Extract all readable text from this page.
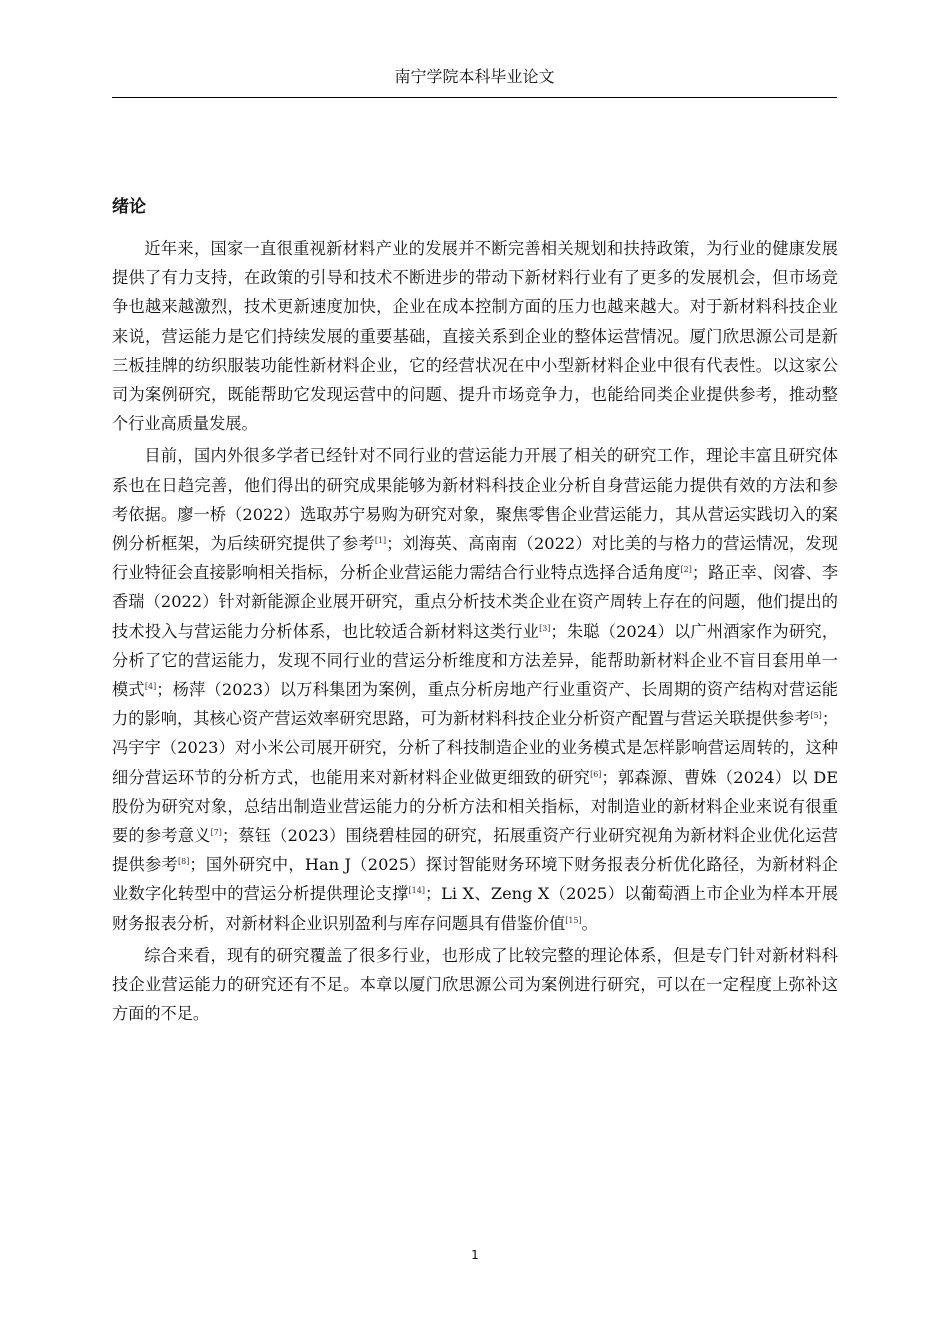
南宁学院本科毕业论文
绪论

近年来，国家一直很重视新材料产业的发展并不断完善相关规划和扶持政策，为行业的健康发展提供了有力支持，在政策的引导和技术不断进步的带动下新材料行业有了更多的发展机会，但市场竞争也越来越激烈，技术更新速度加快，企业在成本控制方面的压力也越来越大。对于新材料科技企业来说，营运能力是它们持续发展的重要基础，直接关系到企业的整体运营情况。厦门欣思源公司是新三板挂牌的纺织服装功能性新材料企业，它的经营状况在中小型新材料企业中很有代表性。以这家公司为案例研究，既能帮助它发现运营中的问题、提升市场竞争力，也能给同类企业提供参考，推动整个行业高质量发展。

目前，国内外很多学者已经针对不同行业的营运能力开展了相关的研究工作，理论丰富且研究体系也在日趋完善，他们得出的研究成果能够为新材料科技企业分析自身营运能力提供有效的方法和参考依据。廖一桥（2022）选取苏宁易购为研究对象，聚焦零售企业营运能力，其从营运实践切入的案例分析框架，为后续研究提供了参考[1]；刘海英、高南南（2022）对比美的与格力的营运情况，发现行业特征会直接影响相关指标，分析企业营运能力需结合行业特点选择合适角度[2]；路正幸、闵睿、李香瑞（2022）针对新能源企业展开研究，重点分析技术类企业在资产周转上存在的问题，他们提出的技术投入与营运能力分析体系，也比较适合新材料这类行业[3]；朱聪（2024）以广州酒家作为研究，分析了它的营运能力，发现不同行业的营运分析维度和方法差异，能帮助新材料企业不盲目套用单一模式[4]；杨萍（2023）以万科集团为案例，重点分析房地产行业重资产、长周期的资产结构对营运能力的影响，其核心资产营运效率研究思路，可为新材料科技企业分析资产配置与营运关联提供参考[5]；冯宇宇（2023）对小米公司展开研究，分析了科技制造企业的业务模式是怎样影响营运周转的，这种细分营运环节的分析方式，也能用来对新材料企业做更细致的研究[6]；郭森源、曹姝（2024）以 DE 股份为研究对象，总结出制造业营运能力的分析方法和相关指标，对制造业的新材料企业来说有很重要的参考意义[7]；蔡钰（2023）围绕碧桂园的研究，拓展重资产行业研究视角为新材料企业优化运营提供参考[8]；国外研究中，Han J（2025）探讨智能财务环境下财务报表分析优化路径，为新材料企业数字化转型中的营运分析提供理论支撑[14]；Li X、Zeng X（2025）以葡萄酒上市企业为样本开展财务报表分析，对新材料企业识别盈利与库存问题具有借鉴价值[15]。

综合来看，现有的研究覆盖了很多行业，也形成了比较完整的理论体系，但是专门针对新材料科技企业营运能力的研究还有不足。本章以厦门欣思源公司为案例进行研究，可以在一定程度上弥补这方面的不足。

1
